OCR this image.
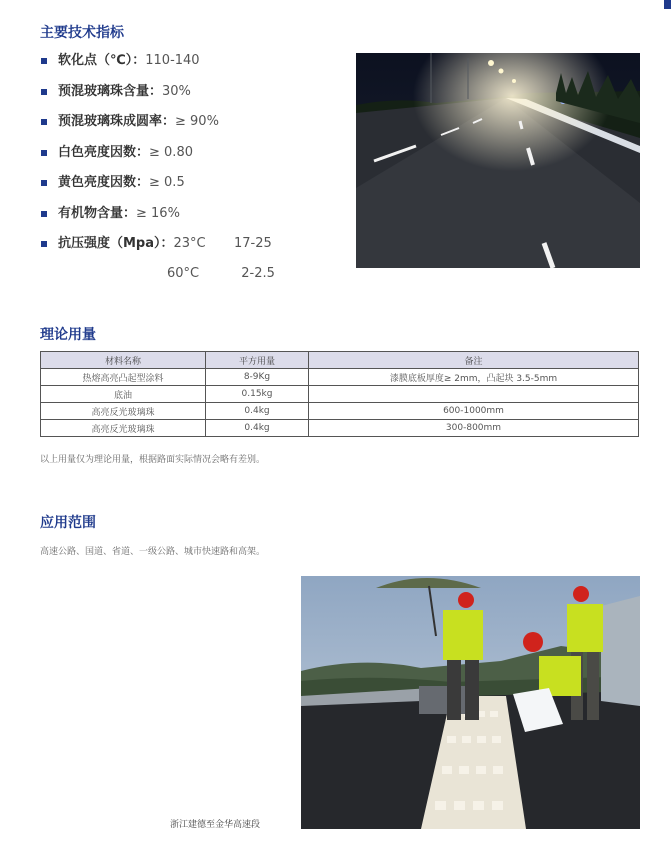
主要技术指标
软化点（℃）：110-140
预混玻璃珠含量：30%
预混玻璃珠成圆率：≥ 90%
白色亮度因数：≥ 0.80
黄色亮度因数：≥ 0.5
有机物含量：≥ 16%
抗压强度（Mpa）：23°C 17-25
60°C	2-2.5
理论用量
材料名称	平方用量	备注
热熔高亮凸起型涂料	8-9Kg	漆膜底板厚度≥ 2mm，凸起块 3.5-5mm
底油	0.15kg	
高亮反光玻璃珠	0.4kg	600-1000mm
高亮反光玻璃珠	0.4kg	300-800mm

以上用量仅为理论用量，根据路面实际情况会略有差别。

应用范围

高速公路、国道、省道、一级公路、城市快速路和高架。

浙江建德至金华高速段
